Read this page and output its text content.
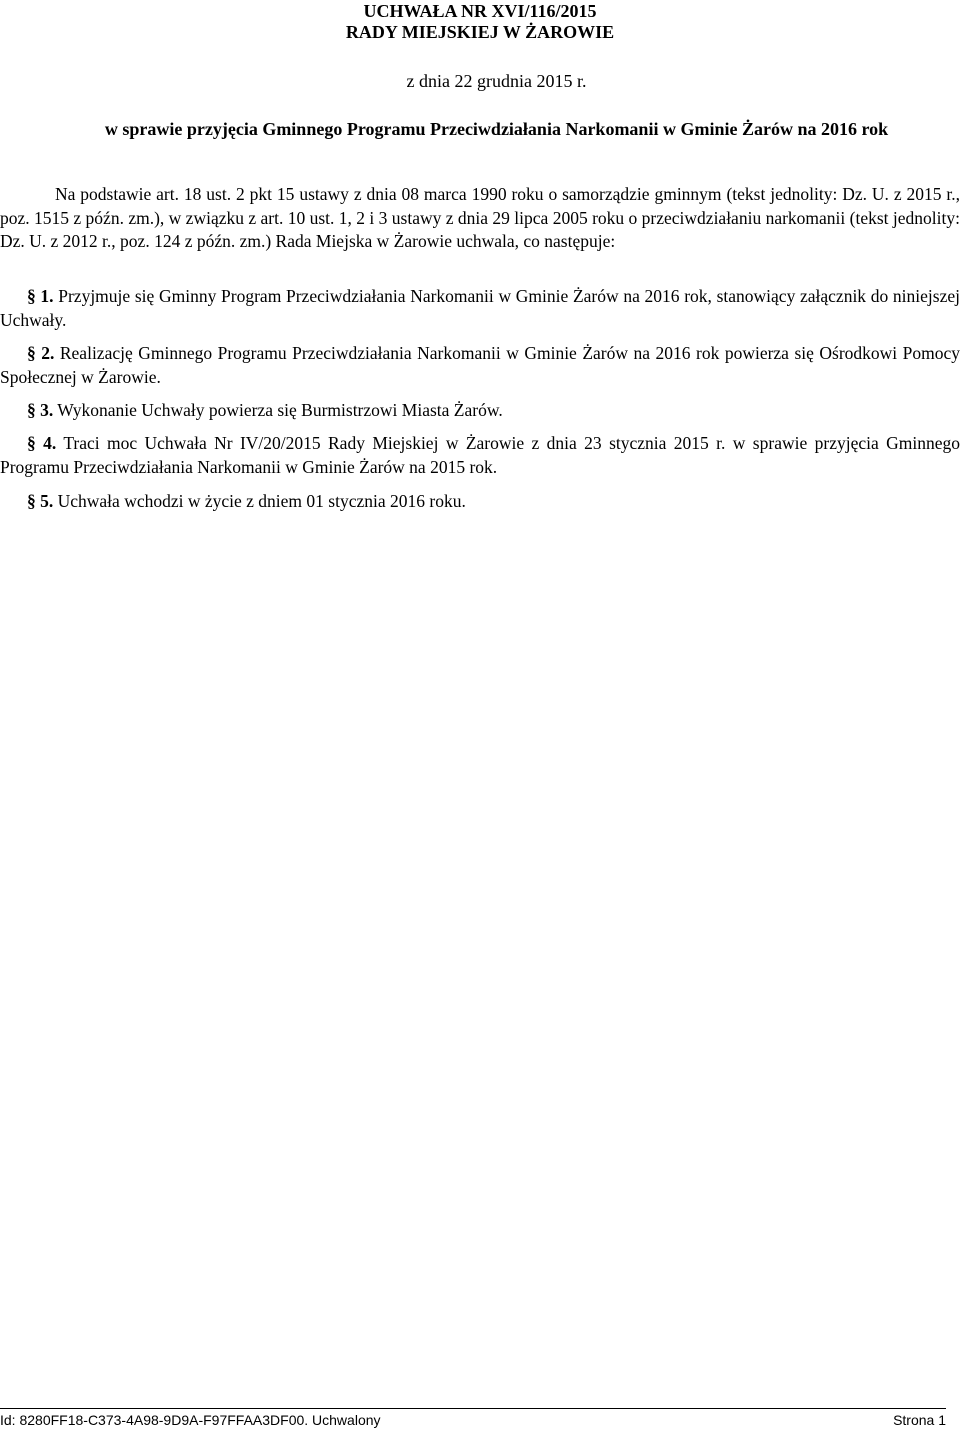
UCHWAŁA NR XVI/116/2015
RADY MIEJSKIEJ W ŻAROWIE
z dnia 22 grudnia 2015 r.
w sprawie przyjęcia Gminnego Programu Przeciwdziałania Narkomanii w Gminie Żarów na 2016 rok
Na podstawie art. 18 ust. 2 pkt 15 ustawy z dnia 08 marca 1990 roku o samorządzie gminnym (tekst jednolity: Dz. U. z 2015 r., poz. 1515 z późn. zm.), w związku z art. 10 ust. 1, 2 i 3 ustawy z dnia 29 lipca 2005 roku o przeciwdziałaniu narkomanii (tekst jednolity: Dz. U. z 2012 r., poz. 124 z późn. zm.) Rada Miejska w Żarowie uchwala, co następuje:
§ 1. Przyjmuje się Gminny Program Przeciwdziałania Narkomanii w Gminie Żarów na 2016 rok, stanowiący załącznik do niniejszej Uchwały.
§ 2. Realizację Gminnego Programu Przeciwdziałania Narkomanii w Gminie Żarów na 2016 rok powierza się Ośrodkowi Pomocy Społecznej w Żarowie.
§ 3. Wykonanie Uchwały powierza się Burmistrzowi Miasta Żarów.
§ 4. Traci moc Uchwała Nr IV/20/2015 Rady Miejskiej w Żarowie z dnia 23 stycznia 2015 r. w sprawie przyjęcia Gminnego Programu Przeciwdziałania Narkomanii w Gminie Żarów na 2015 rok.
§ 5. Uchwała wchodzi w życie z dniem 01 stycznia 2016 roku.
Id: 8280FF18-C373-4A98-9D9A-F97FFAA3DF00. Uchwalony	Strona 1
